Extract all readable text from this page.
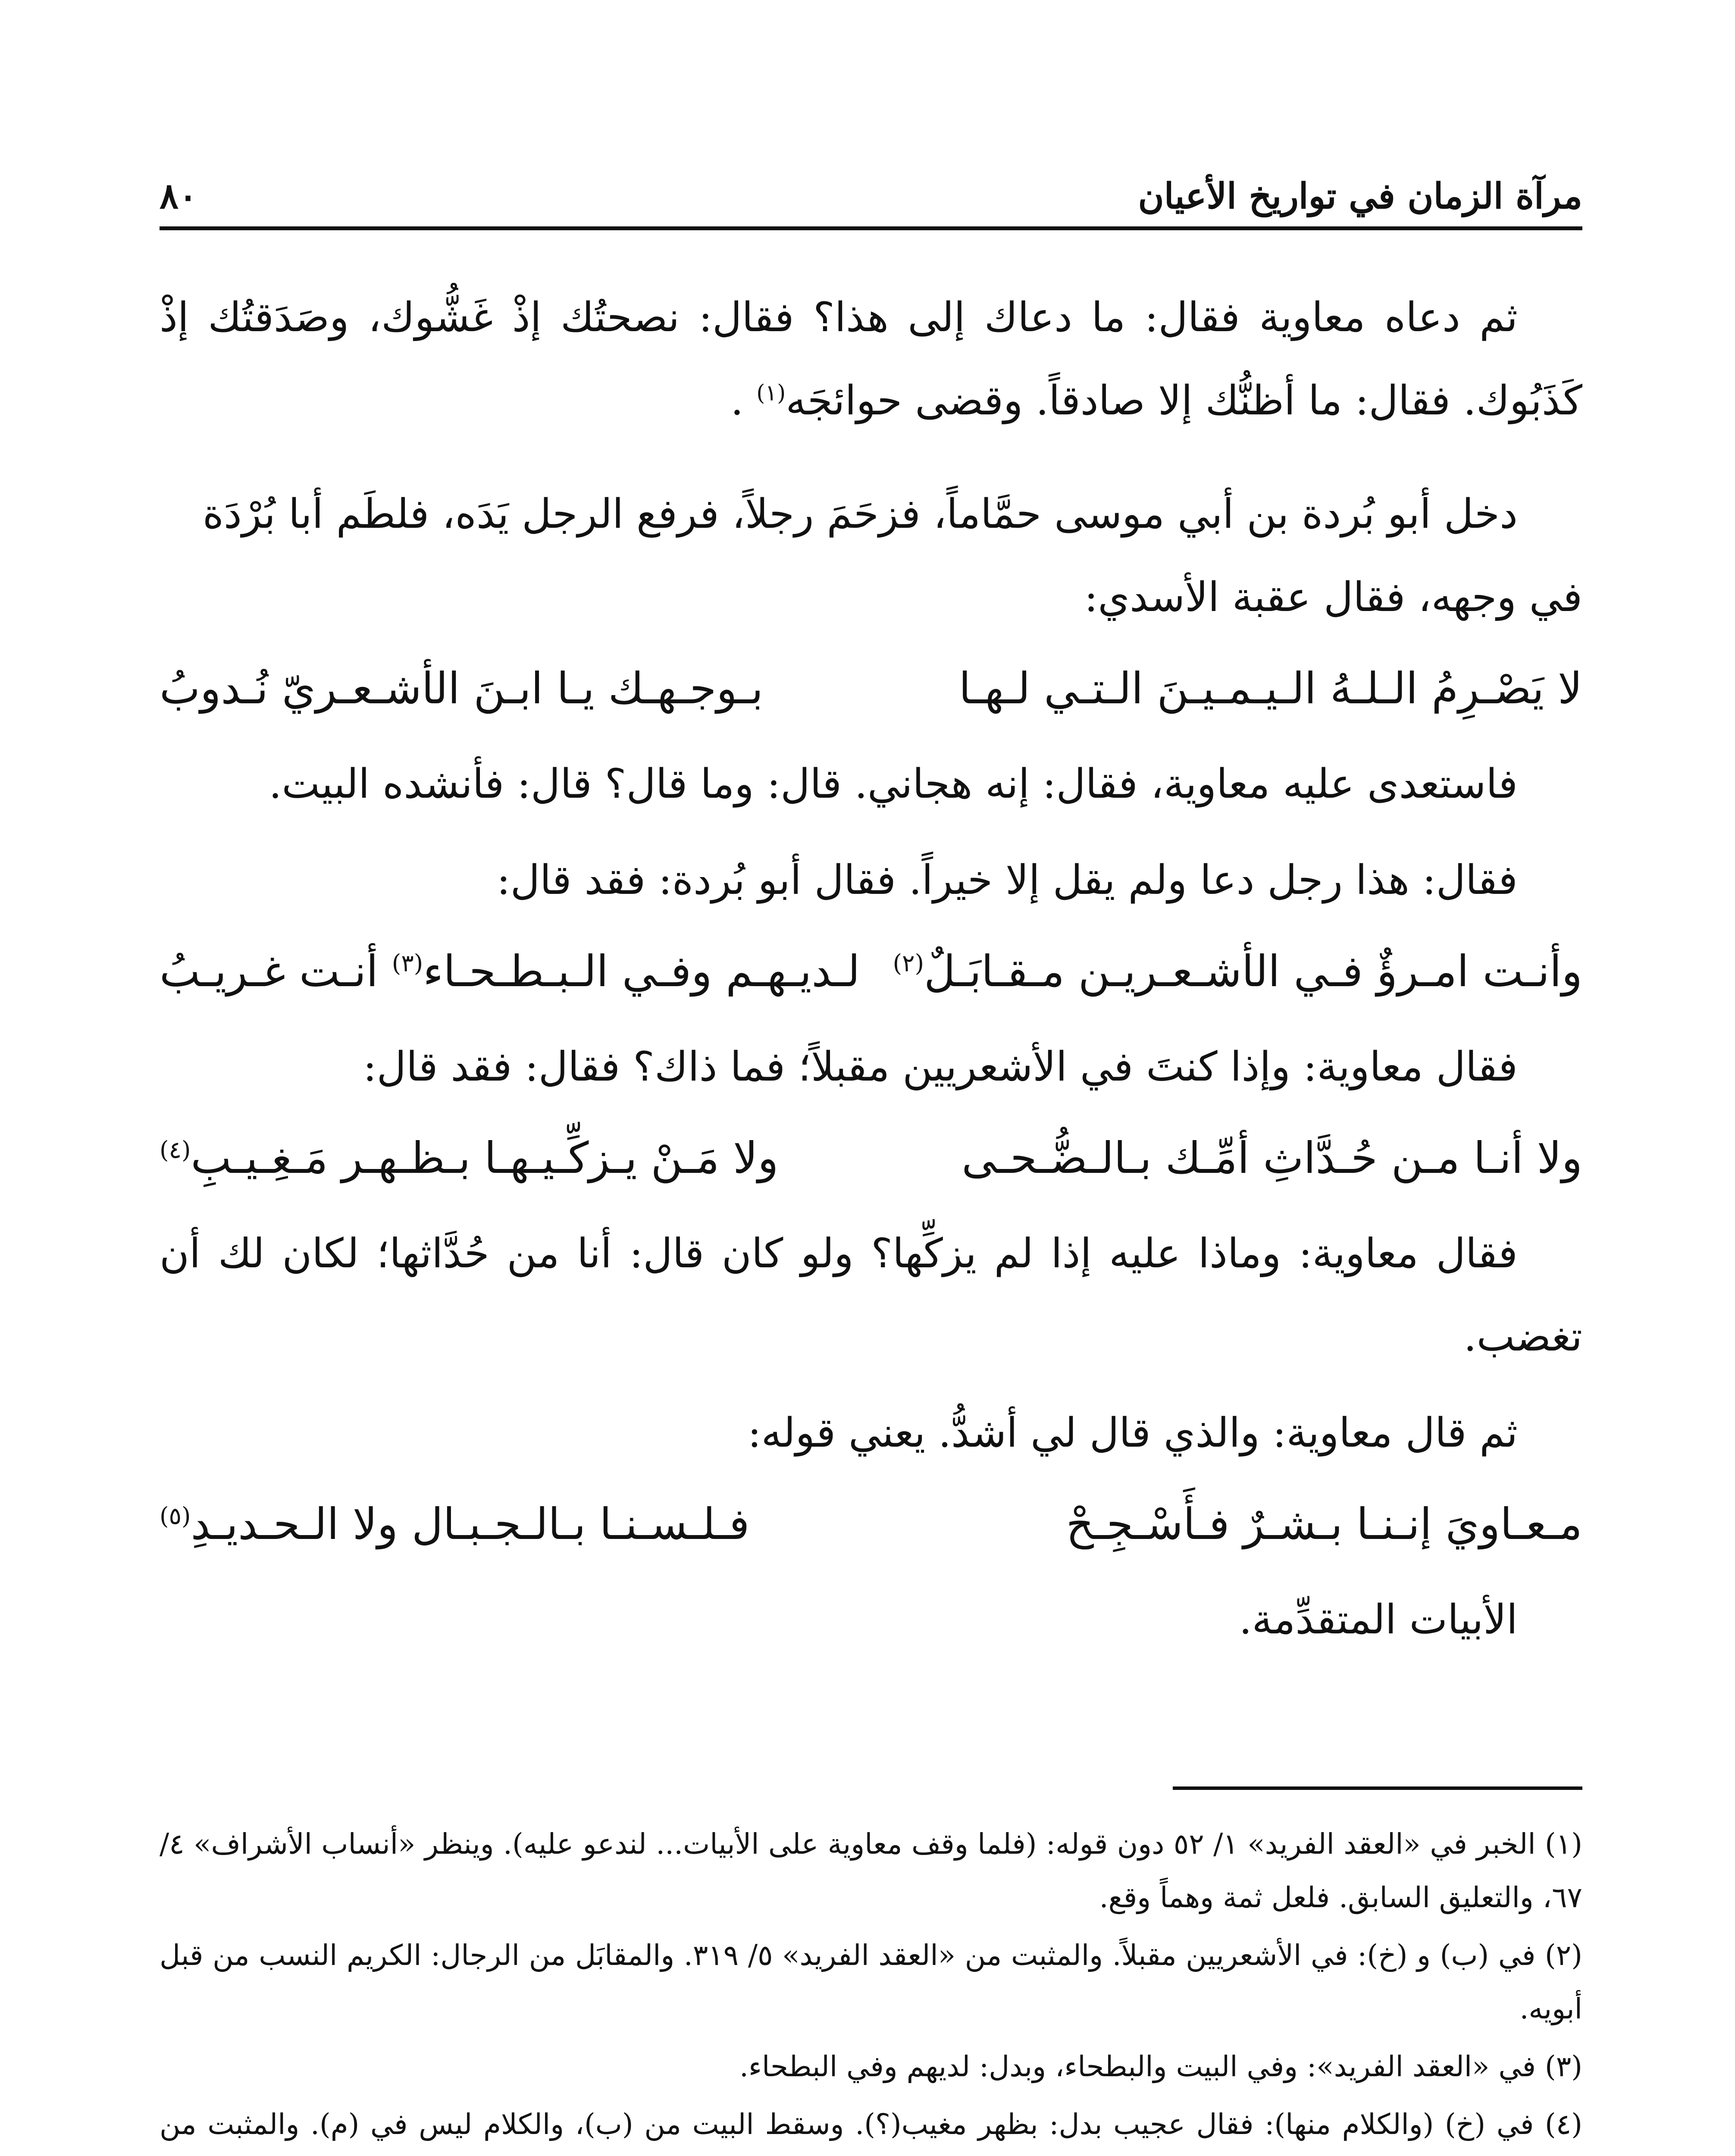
مرآة الزمان في تواريخ الأعيان
٨٠

ثم دعاه معاوية فقال: ما دعاك إلى هذا؟ فقال: نصحتُك إذْ غَشُّوك، وصَدَقتُك إذْ كَذَبُوك. فقال: ما أظنُّك إلا صادقاً. وقضى حوائجَه$^{(١)}$ .

دخل أبو بُردة بن أبي موسى حمَّاماً، فزحَمَ رجلاً، فرفع الرجل يَدَه، فلطَم أبا بُرْدَة
في وجهه، فقال عقبة الأسدي:

لا يَصْـرِمُ الـلـهُ الـيـمـيـنَ الـتـي لـهـا
بـوجـهـك يـا ابـنَ الأشـعـريّ نُـدوبُ

فاستعدى عليه معاوية، فقال: إنه هجاني. قال: وما قال؟ قال: فأنشده البيت.

فقال: هذا رجل دعا ولم يقل إلا خيراً. فقال أبو بُردة: فقد قال:

وأنـت امـرؤٌ فـي الأشـعـريـن مـقـابَـلٌ$^{(٢)}$
لـديـهـم وفـي الـبـطـحـاء$^{(٣)}$ أنـت غـريـبُ

فقال معاوية: وإذا كنتَ في الأشعريين مقبلاً؛ فما ذاك؟ فقال: فقد قال:

ولا أنـا مـن حُـدَّاثِ أمِّـك بـالـضُّـحـى
ولا مَـنْ يـزكِّـيـهـا بـظـهـر مَـغِـيـبِ$^{(٤)}$

فقال معاوية: وماذا عليه إذا لم يزكِّها؟ ولو كان قال: أنا من حُدَّاثها؛ لكان لك أن تغضب.

ثم قال معاوية: والذي قال لي أشدُّ. يعني قوله:

مـعـاويَ إنـنـا بـشـرٌ فـأَسْـجِـحْ
فـلـسـنـا بـالـجـبـال ولا الـحـديـدِ$^{(٥)}$

الأبيات المتقدِّمة.

(١) الخبر في «العقد الفريد» ١/ ٥٢ دون قوله: (فلما وقف معاوية على الأبيات... لندعو عليه). وينظر «أنساب الأشراف» ٤/ ٦٧، والتعليق السابق. فلعل ثمة وهماً وقع.

(٢) في (ب) و (خ): في الأشعريين مقبلاً. والمثبت من «العقد الفريد» ٥/ ٣١٩. والمقابَل من الرجال: الكريم النسب من قبل أبويه.

(٣) في «العقد الفريد»: وفي البيت والبطحاء، وبدل: لديهم وفي البطحاء.

(٤) في (خ) (والكلام منها): فقال عجيب بدل: بظهر مغيب(؟). وسقط البيت من (ب)، والكلام ليس في (م). والمثبت من
